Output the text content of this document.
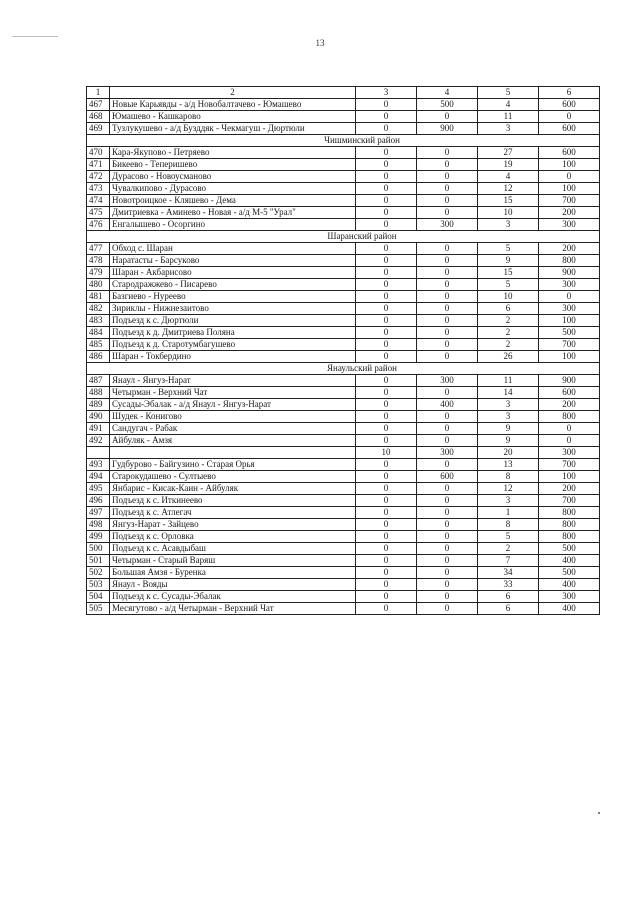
13
1	2	3	4	5	6
467	Новые Карьявды - а/д Новобалтачево - Юмашево	0	500	4	600
468	Юмашево - Кашкарово	0	0	11	0
469	Тузлукушево - а/д Бузддяк - Чекмагуш - Дюртюли	0	900	3	600
Чишминский район					
470	Кара-Якупово - Петряево	0	0	27	600
471	Бикеево - Теперишево	0	0	19	100
472	Дурасово - Новоусманово	0	0	4	0
473	Чувалкипово - Дурасово	0	0	12	100
474	Новотроицкое - Кляшево - Дема	0	0	15	700
475	Дмитриевка - Аминево - Новая - а/д М-5 "Урал"	0	0	10	200
476	Енгалышево - Осоргино	0	300	3	300
Шаранский район					
477	Обход с. Шаран	0	0	5	200
478	Наратасты - Барсуково	0	0	9	800
479	Шаран - Акбарисово	0	0	15	900
480	Стародражжево - Писарево	0	0	5	300
481	Базгиево - Нуреево	0	0	10	0
482	Зириклы - Нижнезаитово	0	0	6	300
483	Подъезд к с. Дюртюли	0	0	2	100
484	Подъезд к д. Дмитриева Поляна	0	0	2	500
485	Подъезд к д. Старотумбагушево	0	0	2	700
486	Шаран - Токбердино	0	0	26	100
Янаульский район					
487	Янаул - Янгуз-Нарат	0	300	11	900
488	Четырман - Верхний Чат	0	0	14	600
489	Сусады-Эбалак - а/д Янаул - Янгуз-Нарат	0	400	3	200
490	Шудек - Конигово	0	0	3	800
491	Сандугач - Рабак	0	0	9	0
492	Айбуляк - Амзя	0	0	9	0
		10	300	20	300
493	Гудбурово - Байгузино - Старая Орья	0	0	13	700
494	Старокудашево - Султыево	0	600	8	100
495	Янбарис - Кисак-Каин - Айбуляк	0	0	12	200
496	Подъезд к с. Иткинеево	0	0	3	700
497	Подъезд к с. Атлегач	0	0	1	800
498	Янгуз-Нарат - Зайцево	0	0	8	800
499	Подъезд к с. Орловка	0	0	5	800
500	Подъезд к с. Асавдыбаш	0	0	2	500
501	Четырман - Старый Варяш	0	0	7	400
502	Большая Амзя - Буренка	0	0	34	500
503	Янаул - Вояды	0	0	33	400
504	Подъезд к с. Сусады-Эбалак	0	0	6	300
505	Месягутово - а/д Четырман - Верхний Чат	0	0	6	400
